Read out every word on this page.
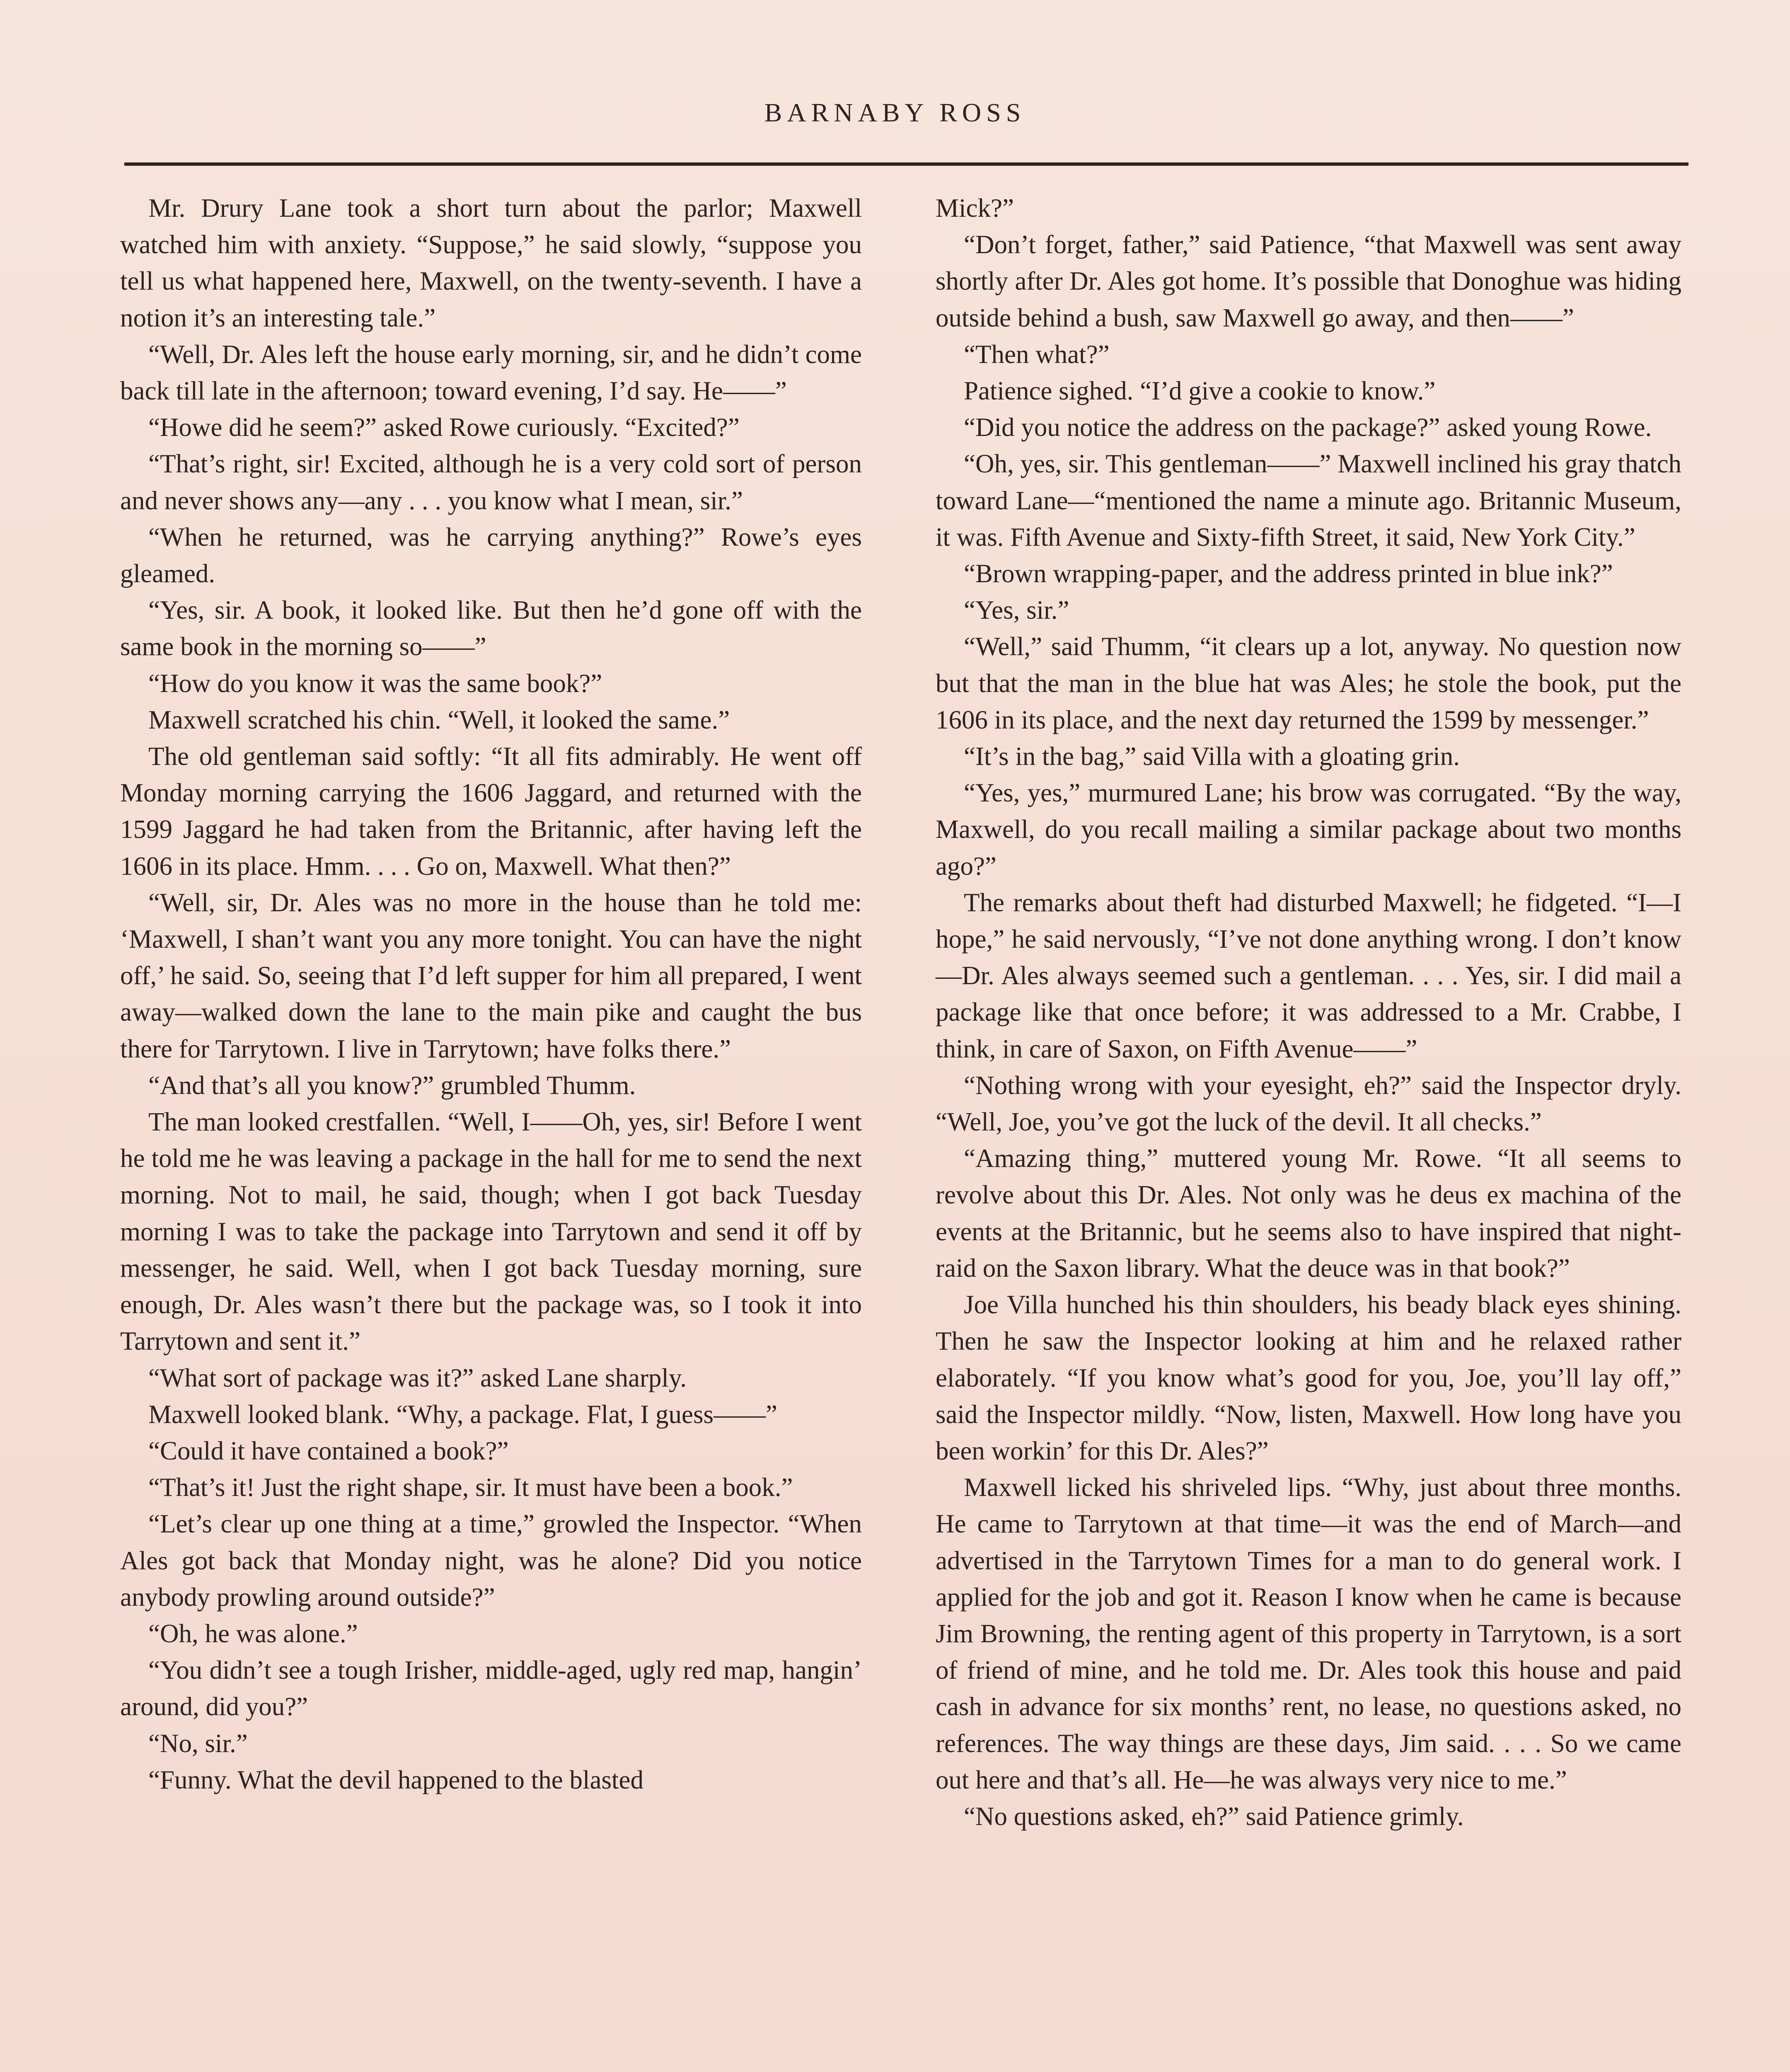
BARNABY ROSS

Mr. Drury Lane took a short turn about the parlor; Maxwell watched him with anxiety. “Suppose,” he said slowly, “suppose you tell us what happened here, Maxwell, on the twenty-seventh. I have a notion it’s an interesting tale.”

“Well, Dr. Ales left the house early morning, sir, and he didn’t come back till late in the afternoon; toward evening, I’d say. He——”

“Howe did he seem?” asked Rowe curiously. “Excited?”

“That’s right, sir! Excited, although he is a very cold sort of person and never shows any—any . . . you know what I mean, sir.”

“When he returned, was he carrying anything?” Rowe’s eyes gleamed.

“Yes, sir. A book, it looked like. But then he’d gone off with the same book in the morning so——”

“How do you know it was the same book?”

Maxwell scratched his chin. “Well, it looked the same.”

The old gentleman said softly: “It all fits admirably. He went off Monday morning carrying the 1606 Jaggard, and returned with the 1599 Jaggard he had taken from the Britannic, after having left the 1606 in its place. Hmm. . . . Go on, Maxwell. What then?”

“Well, sir, Dr. Ales was no more in the house than he told me: ‘Maxwell, I shan’t want you any more tonight. You can have the night off,’ he said. So, seeing that I’d left supper for him all prepared, I went away—walked down the lane to the main pike and caught the bus there for Tarrytown. I live in Tarrytown; have folks there.”

“And that’s all you know?” grumbled Thumm.

The man looked crestfallen. “Well, I——Oh, yes, sir! Before I went he told me he was leaving a package in the hall for me to send the next morning. Not to mail, he said, though; when I got back Tuesday morning I was to take the package into Tarrytown and send it off by messenger, he said. Well, when I got back Tuesday morning, sure enough, Dr. Ales wasn’t there but the package was, so I took it into Tarrytown and sent it.”

“What sort of package was it?” asked Lane sharply.

Maxwell looked blank. “Why, a package. Flat, I guess——”

“Could it have contained a book?”

“That’s it! Just the right shape, sir. It must have been a book.”

“Let’s clear up one thing at a time,” growled the Inspector. “When Ales got back that Monday night, was he alone? Did you notice anybody prowling around outside?”

“Oh, he was alone.”

“You didn’t see a tough Irisher, middle-aged, ugly red map, hangin’ around, did you?”

“No, sir.”

“Funny. What the devil happened to the blasted

Mick?”

“Don’t forget, father,” said Patience, “that Maxwell was sent away shortly after Dr. Ales got home. It’s possible that Donoghue was hiding outside behind a bush, saw Maxwell go away, and then——”

“Then what?”

Patience sighed. “I’d give a cookie to know.”

“Did you notice the address on the package?” asked young Rowe.

“Oh, yes, sir. This gentleman——” Maxwell inclined his gray thatch toward Lane—“mentioned the name a minute ago. Britannic Museum, it was. Fifth Avenue and Sixty-fifth Street, it said, New York City.”

“Brown wrapping-paper, and the address printed in blue ink?”

“Yes, sir.”

“Well,” said Thumm, “it clears up a lot, anyway. No question now but that the man in the blue hat was Ales; he stole the book, put the 1606 in its place, and the next day returned the 1599 by messenger.”

“It’s in the bag,” said Villa with a gloating grin.

“Yes, yes,” murmured Lane; his brow was corrugated. “By the way, Maxwell, do you recall mailing a similar package about two months ago?”

The remarks about theft had disturbed Maxwell; he fidgeted. “I—I hope,” he said nervously, “I’ve not done anything wrong. I don’t know—Dr. Ales always seemed such a gentleman. . . . Yes, sir. I did mail a package like that once before; it was addressed to a Mr. Crabbe, I think, in care of Saxon, on Fifth Avenue——”

“Nothing wrong with your eyesight, eh?” said the Inspector dryly. “Well, Joe, you’ve got the luck of the devil. It all checks.”

“Amazing thing,” muttered young Mr. Rowe. “It all seems to revolve about this Dr. Ales. Not only was he deus ex machina of the events at the Britannic, but he seems also to have inspired that night-raid on the Saxon library. What the deuce was in that book?”

Joe Villa hunched his thin shoulders, his beady black eyes shining. Then he saw the Inspector looking at him and he relaxed rather elaborately. “If you know what’s good for you, Joe, you’ll lay off,” said the Inspector mildly. “Now, listen, Maxwell. How long have you been workin’ for this Dr. Ales?”

Maxwell licked his shriveled lips. “Why, just about three months. He came to Tarrytown at that time—it was the end of March—and advertised in the Tarrytown Times for a man to do general work. I applied for the job and got it. Reason I know when he came is because Jim Browning, the renting agent of this property in Tarrytown, is a sort of friend of mine, and he told me. Dr. Ales took this house and paid cash in advance for six months’ rent, no lease, no questions asked, no references. The way things are these days, Jim said. . . . So we came out here and that’s all. He—he was always very nice to me.”

“No questions asked, eh?” said Patience grimly.
